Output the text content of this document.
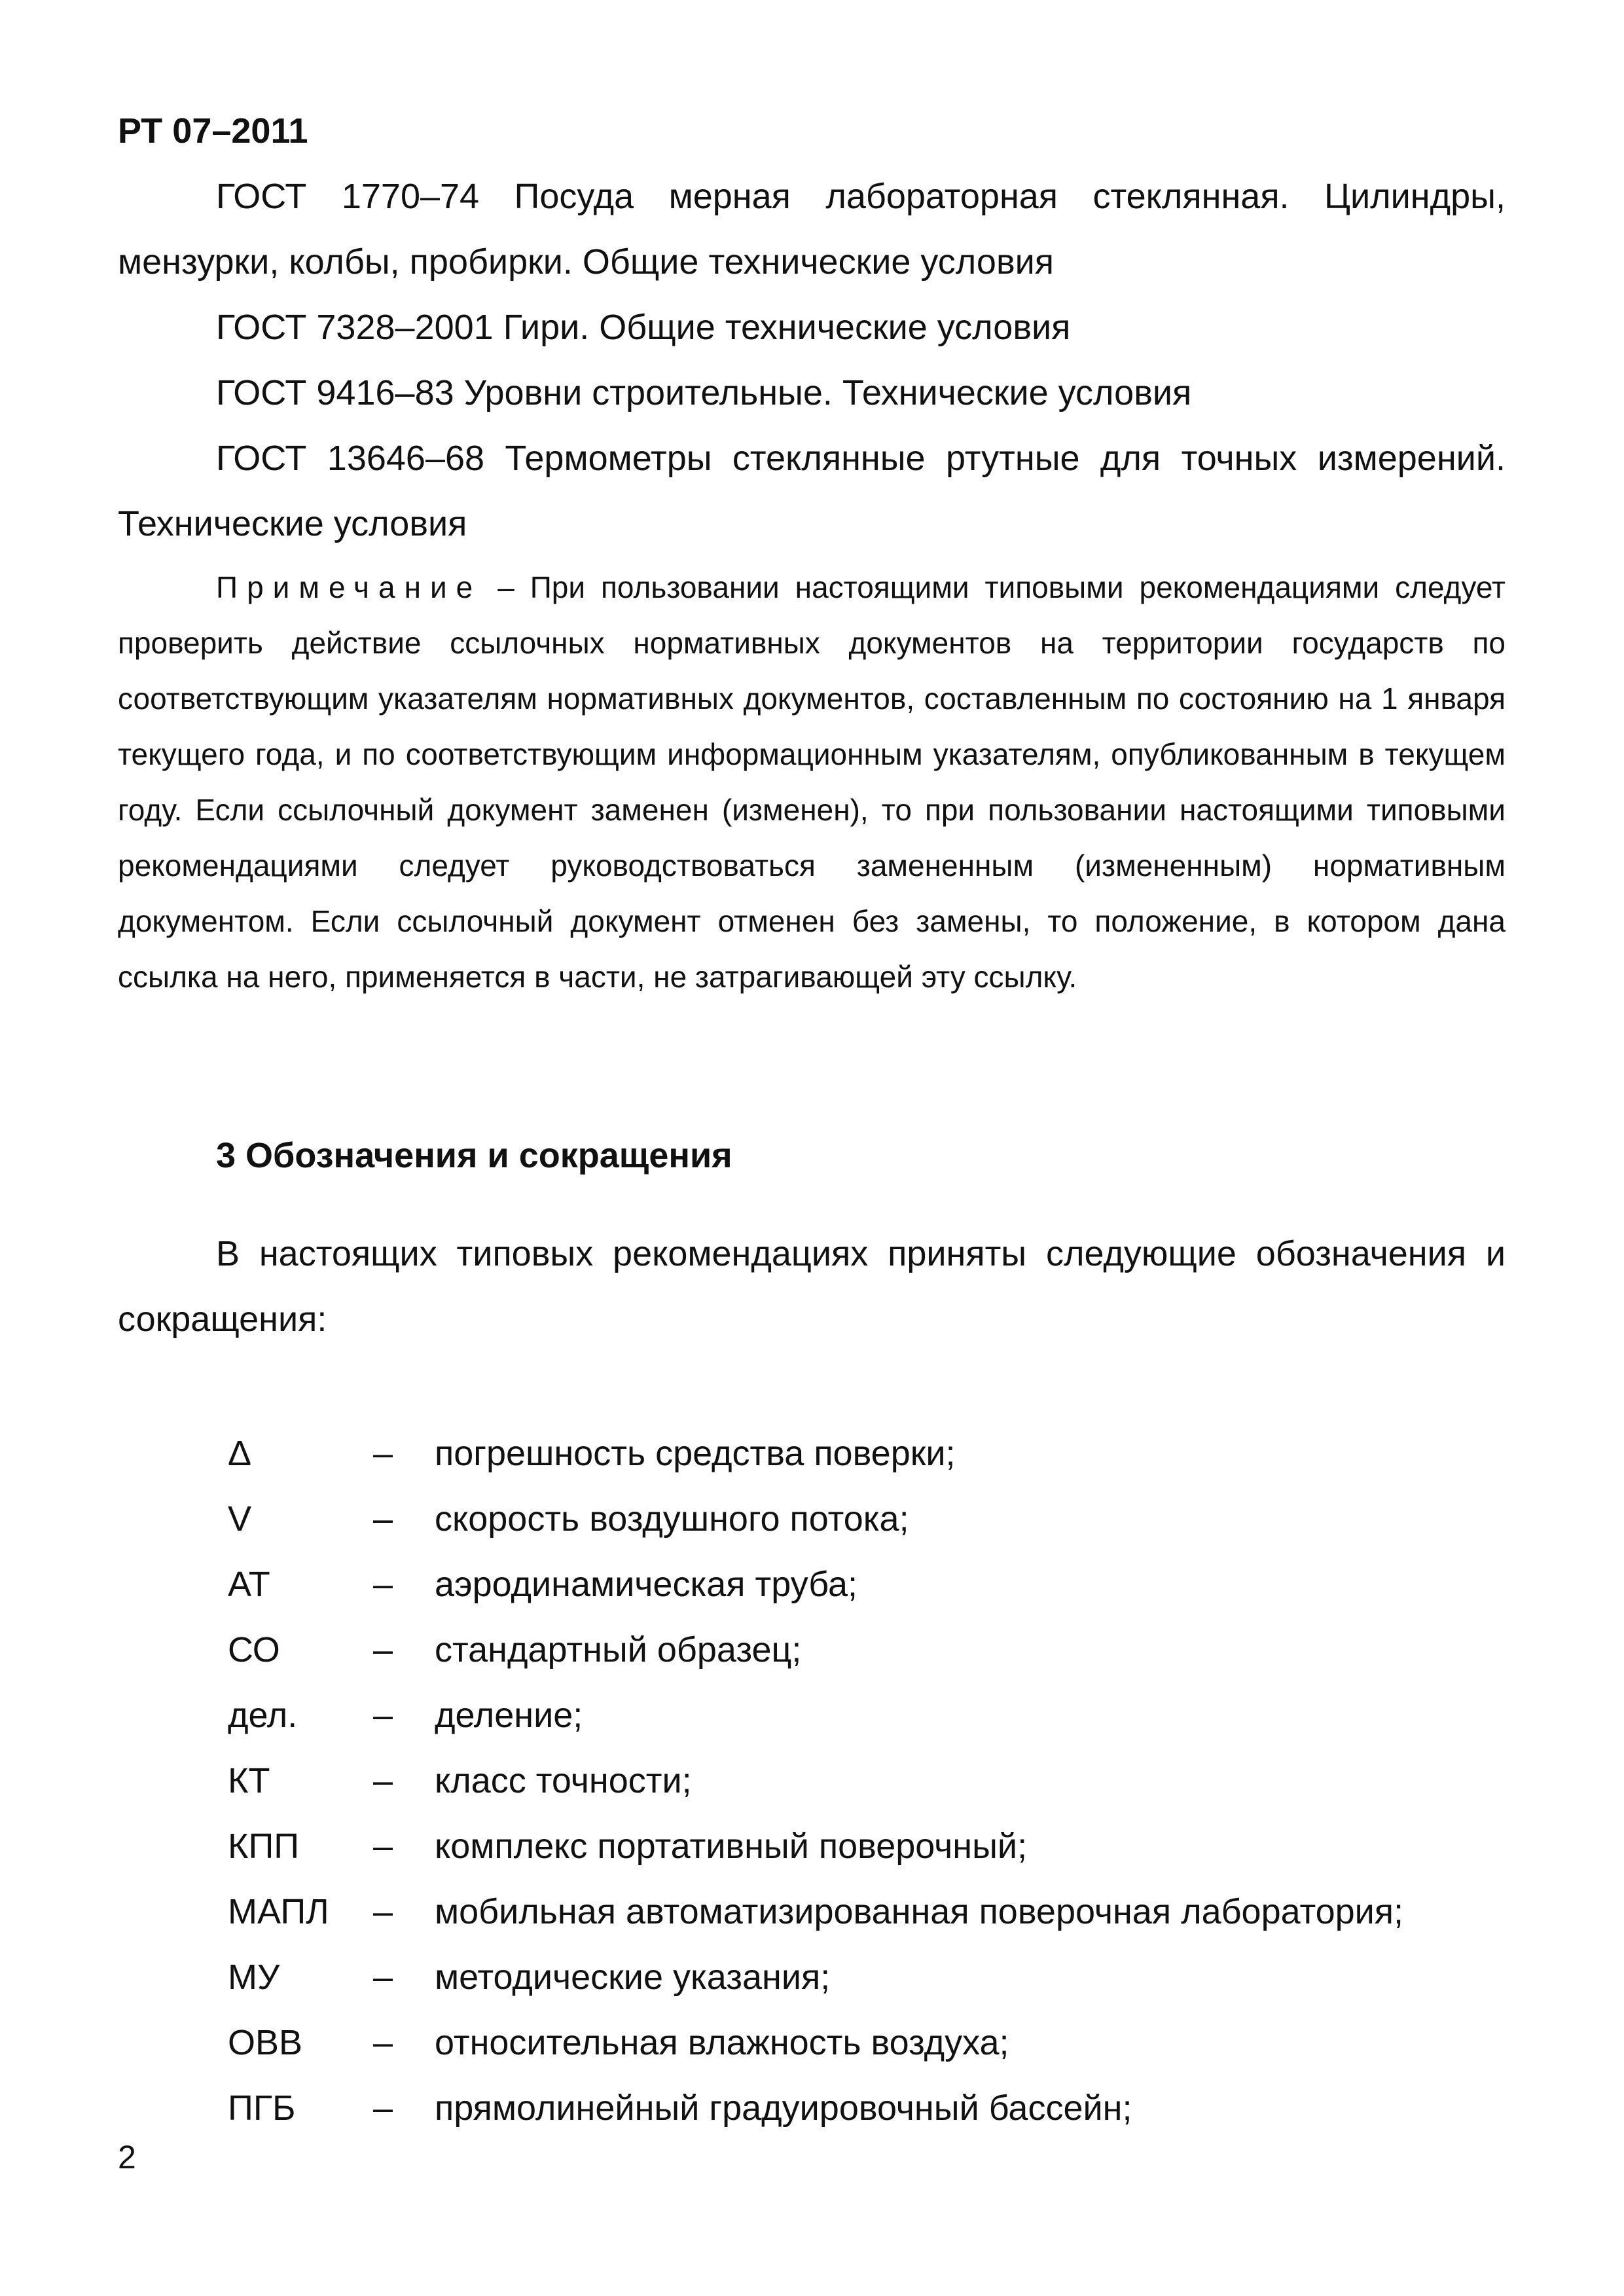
РТ 07–2011

ГОСТ 1770–74 Посуда мерная лабораторная стеклянная. Цилиндры, мензурки, колбы, пробирки. Общие технические условия

ГОСТ 7328–2001 Гири. Общие технические условия

ГОСТ 9416–83 Уровни строительные. Технические условия

ГОСТ 13646–68 Термометры стеклянные ртутные для точных измерений. Технические условия

Примечание – При пользовании настоящими типовыми рекомендациями следует проверить действие ссылочных нормативных документов на территории государств по соответствующим указателям нормативных документов, составленным по состоянию на 1 января текущего года, и по соответствующим информационным указателям, опубликованным в текущем году. Если ссылочный документ заменен (изменен), то при пользовании настоящими типовыми рекомендациями следует руководствоваться замененным (измененным) нормативным документом. Если ссылочный документ отменен без замены, то положение, в котором дана ссылка на него, применяется в части, не затрагивающей эту ссылку.

3 Обозначения и сокращения

В настоящих типовых рекомендациях приняты следующие обозначения и сокращения:

Δ	– погрешность средства поверки;
V	– скорость воздушного потока;
АТ	– аэродинамическая труба;
СО	– стандартный образец;
дел. – деление;
КТ	– класс точности;
КПП – комплекс портативный поверочный;
МАПЛ – мобильная автоматизированная поверочная лаборатория;
МУ	– методические указания;
ОВВ – относительная влажность воздуха;
ПГБ – прямолинейный градуировочный бассейн;
2
